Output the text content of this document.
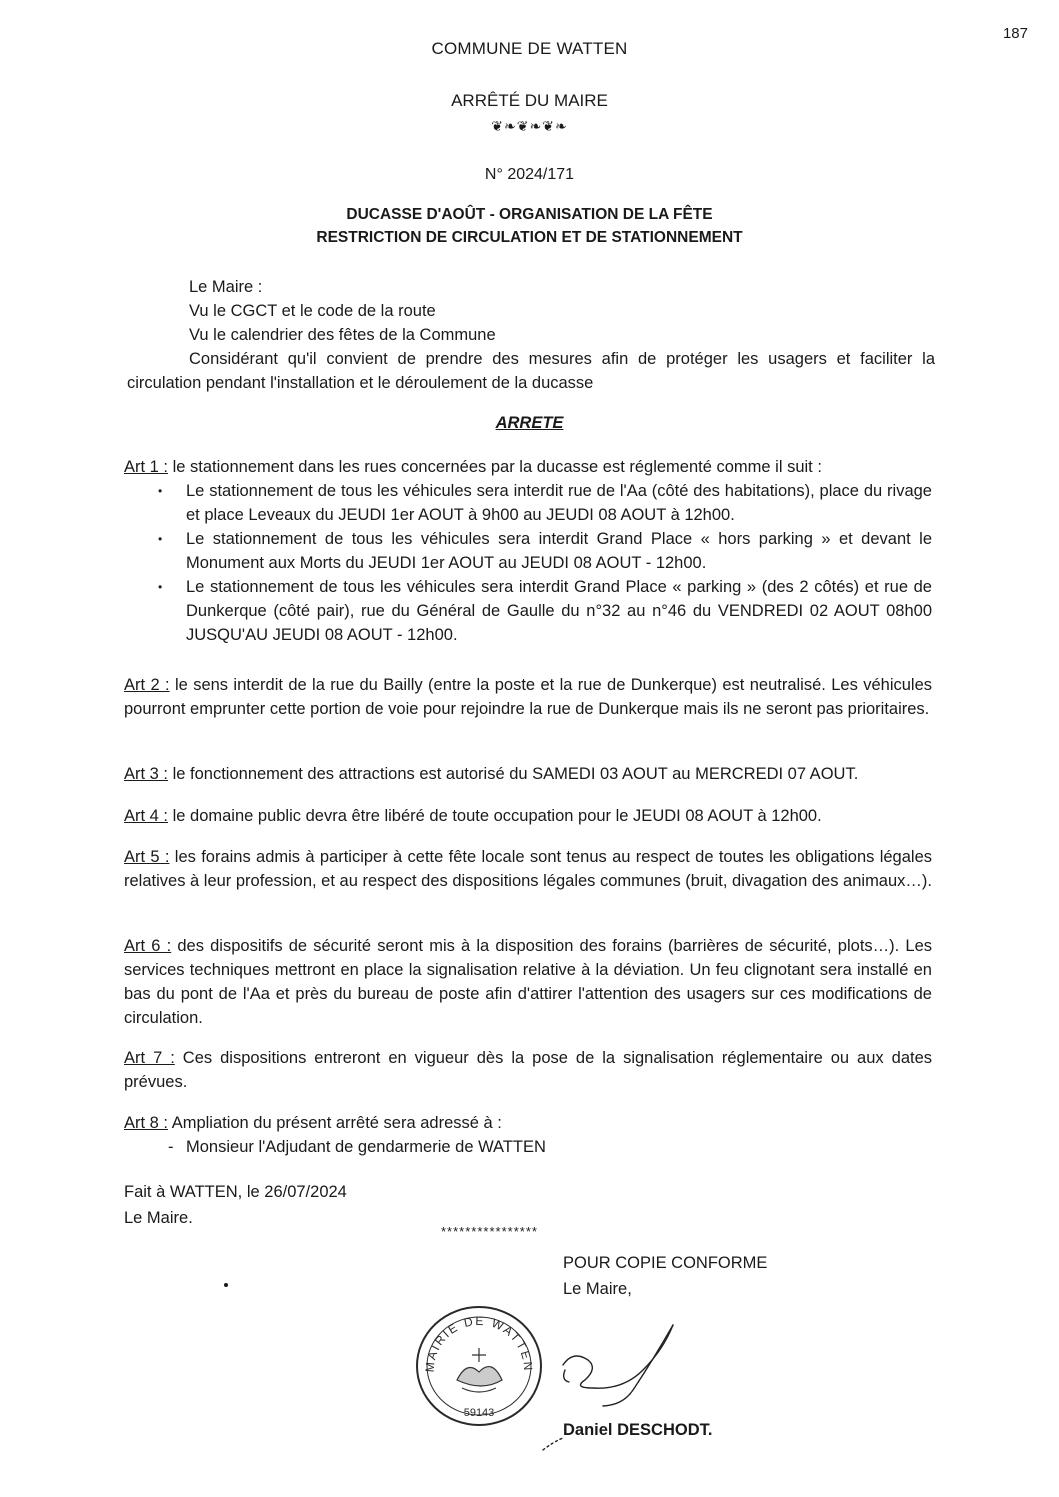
187
COMMUNE DE WATTEN
ARRÊTÉ DU MAIRE
❦❧❦❧❦❧
N° 2024/171
DUCASSE D'AOÛT - ORGANISATION DE LA FÊTE
RESTRICTION DE CIRCULATION ET DE STATIONNEMENT

Le Maire :

Vu le CGCT et le code de la route

Vu le calendrier des fêtes de la Commune

Considérant qu'il convient de prendre des mesures afin de protéger les usagers et faciliter la circulation pendant l'installation et le déroulement de la ducasse

ARRETE

Art 1 : le stationnement dans les rues concernées par la ducasse est réglementé comme il suit :

• Le stationnement de tous les véhicules sera interdit rue de l'Aa (côté des habitations), place du rivage et place Leveaux du JEUDI 1er AOUT à 9h00 au JEUDI 08 AOUT à 12h00.
• Le stationnement de tous les véhicules sera interdit Grand Place « hors parking » et devant le Monument aux Morts du JEUDI 1er AOUT au JEUDI 08 AOUT - 12h00.
• Le stationnement de tous les véhicules sera interdit Grand Place « parking » (des 2 côtés) et rue de Dunkerque (côté pair), rue du Général de Gaulle du n°32 au n°46 du VENDREDI 02 AOUT 08h00 JUSQU'AU JEUDI 08 AOUT - 12h00.

Art 2 : le sens interdit de la rue du Bailly (entre la poste et la rue de Dunkerque) est neutralisé. Les véhicules pourront emprunter cette portion de voie pour rejoindre la rue de Dunkerque mais ils ne seront pas prioritaires.

Art 3 : le fonctionnement des attractions est autorisé du SAMEDI 03 AOUT au MERCREDI 07 AOUT.

Art 4 : le domaine public devra être libéré de toute occupation pour le JEUDI 08 AOUT à 12h00.

Art 5 : les forains admis à participer à cette fête locale sont tenus au respect de toutes les obligations légales relatives à leur profession, et au respect des dispositions légales communes (bruit, divagation des animaux…).

Art 6 : des dispositifs de sécurité seront mis à la disposition des forains (barrières de sécurité, plots…). Les services techniques mettront en place la signalisation relative à la déviation. Un feu clignotant sera installé en bas du pont de l'Aa et près du bureau de poste afin d'attirer l'attention des usagers sur ces modifications de circulation.

Art 7 : Ces dispositions entreront en vigueur dès la pose de la signalisation réglementaire ou aux dates prévues.

Art 8 : Ampliation du présent arrêté sera adressé à :

- Monsieur l'Adjudant de gendarmerie de WATTEN
Fait à WATTEN, le 26/07/2024
Le Maire.
****************
POUR COPIE CONFORME
Le Maire,
MAIRIE DE WATTEN
59143
Daniel DESCHODT.
